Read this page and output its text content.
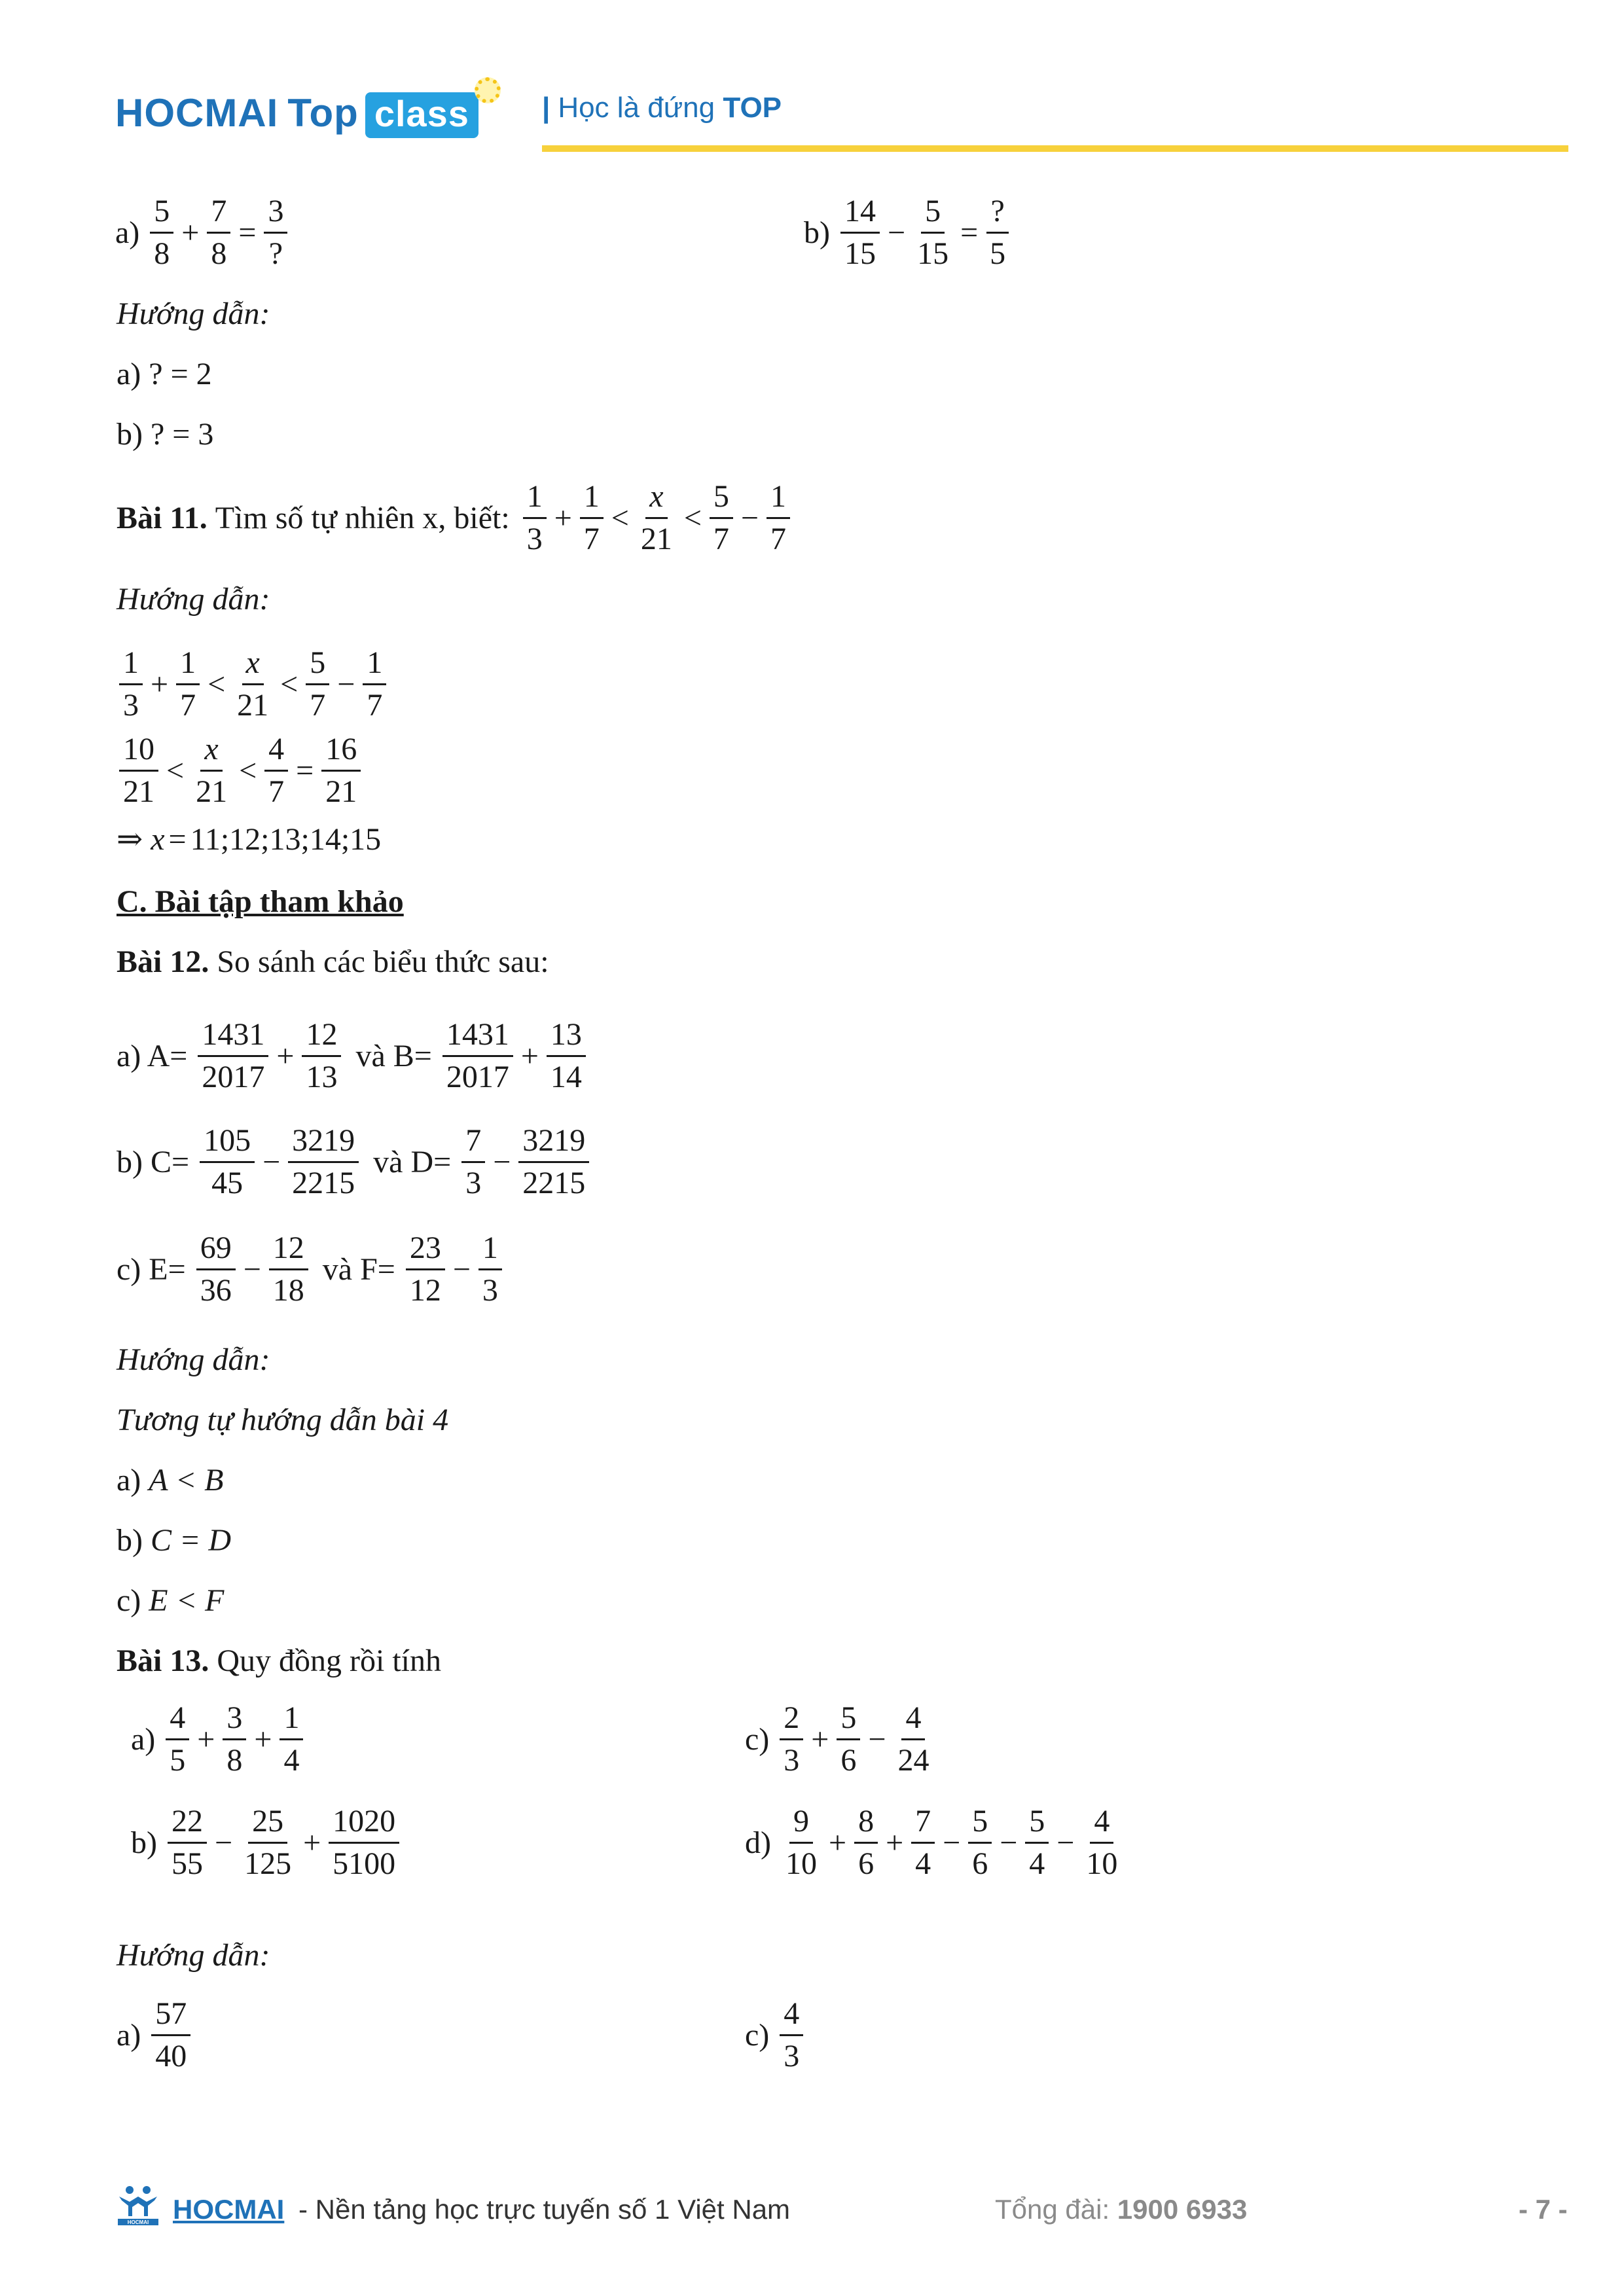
HOCMAI Top class	| Học là đứng TOP
a)
5
8
+ $\frac{7}{8}$ =
3
?
b)
14
15
− $\frac{5}{15}$ =
?
5
Hướng dẫn:
a) ? = 2
b) ? = 3
Bài 11. Tìm số tự nhiên x, biết:
1
3
+ $\frac{1}{7}$ <
x
21
<
5
7
− $\frac{1}{7}$
Hướng dẫn:
1
3
+ $\frac{1}{7}$ <
x
21
<
5
7
− $\frac{1}{7}$
10
21
<
x
21
< $\frac{4}{7} = \frac{16}{21}$
⇒ x = 11;12;13;14;15
C. Bài tập tham khảo
Bài 12. So sánh các biểu thức sau:
a) $A= \frac{1431}{2017} + \frac{12}{13}$ và $B= \frac{1431}{2017} + \frac{13}{14}$
b) $C= \frac{105}{45} - \frac{3219}{2215}$ và $D= \frac{7}{3} - \frac{3219}{2215}$
c) $E= \frac{69}{36} - \frac{12}{18}$ và $F= \frac{23}{12} - \frac{1}{3}$
Hướng dẫn:
Tương tự hướng dẫn bài 4
a) A < B
b) C = D
c) E < F
Bài 13. Quy đồng rồi tính
a)
4
5
+ $\frac{3}{8} + \frac{1}{4}$	c)
2
3
+ $\frac{5}{6} - \frac{4}{24}$
b)
22
55
− $\frac{25}{125} + \frac{1020}{5100}$	d)
9
10
+ $\frac{8}{6} + \frac{7}{4} - \frac{5}{6} - \frac{5}{4} - \frac{4}{10}$
Hướng dẫn:
a)
57
40
c)
4
3
HOCMAI HOCMAI - Nền tảng học trực tuyến số 1 Việt Nam	Tổng đài: 1900 6933	- 7 -
